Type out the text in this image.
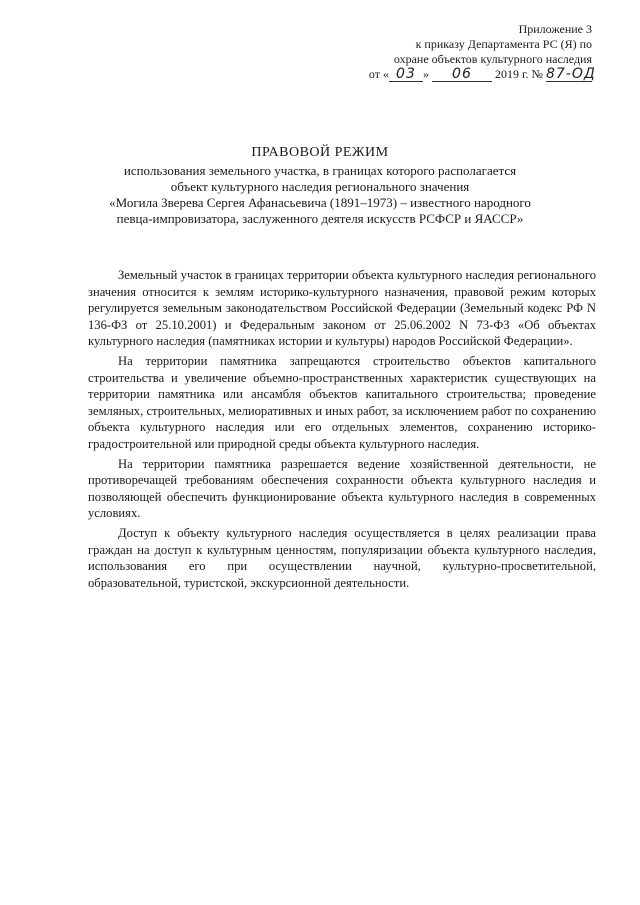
Приложение 3
к приказу Департамента РС (Я) по
охране объектов культурного наследия
от « 03 » 06 2019 г. № 87-ОД
ПРАВОВОЙ РЕЖИМ
использования земельного участка, в границах которого располагается
объект культурного наследия регионального значения
«Могила Зверева Сергея Афанасьевича (1891–1973) – известного народного
певца-импровизатора, заслуженного деятеля искусств РСФСР и ЯАССР»

Земельный участок в границах территории объекта культурного наследия регионального значения относится к землям историко-культурного назначения, правовой режим которых регулируется земельным законодательством Российской Федерации (Земельный кодекс РФ N 136-ФЗ от 25.10.2001) и Федеральным законом от 25.06.2002 N 73-ФЗ «Об объектах культурного наследия (памятниках истории и культуры) народов Российской Федерации».

На территории памятника запрещаются строительство объектов капитального строительства и увеличение объемно-пространственных характеристик существующих на территории памятника или ансамбля объектов капитального строительства; проведение земляных, строительных, мелиоративных и иных работ, за исключением работ по сохранению объекта культурного наследия или его отдельных элементов, сохранению историко-градостроительной или природной среды объекта культурного наследия.

На территории памятника разрешается ведение хозяйственной деятельности, не противоречащей требованиям обеспечения сохранности объекта культурного наследия и позволяющей обеспечить функционирование объекта культурного наследия в современных условиях.

Доступ к объекту культурного наследия осуществляется в целях реализации права граждан на доступ к культурным ценностям, популяризации объекта культурного наследия, использования его при осуществлении научной, культурно-просветительной, образовательной, туристской, экскурсионной деятельности.
